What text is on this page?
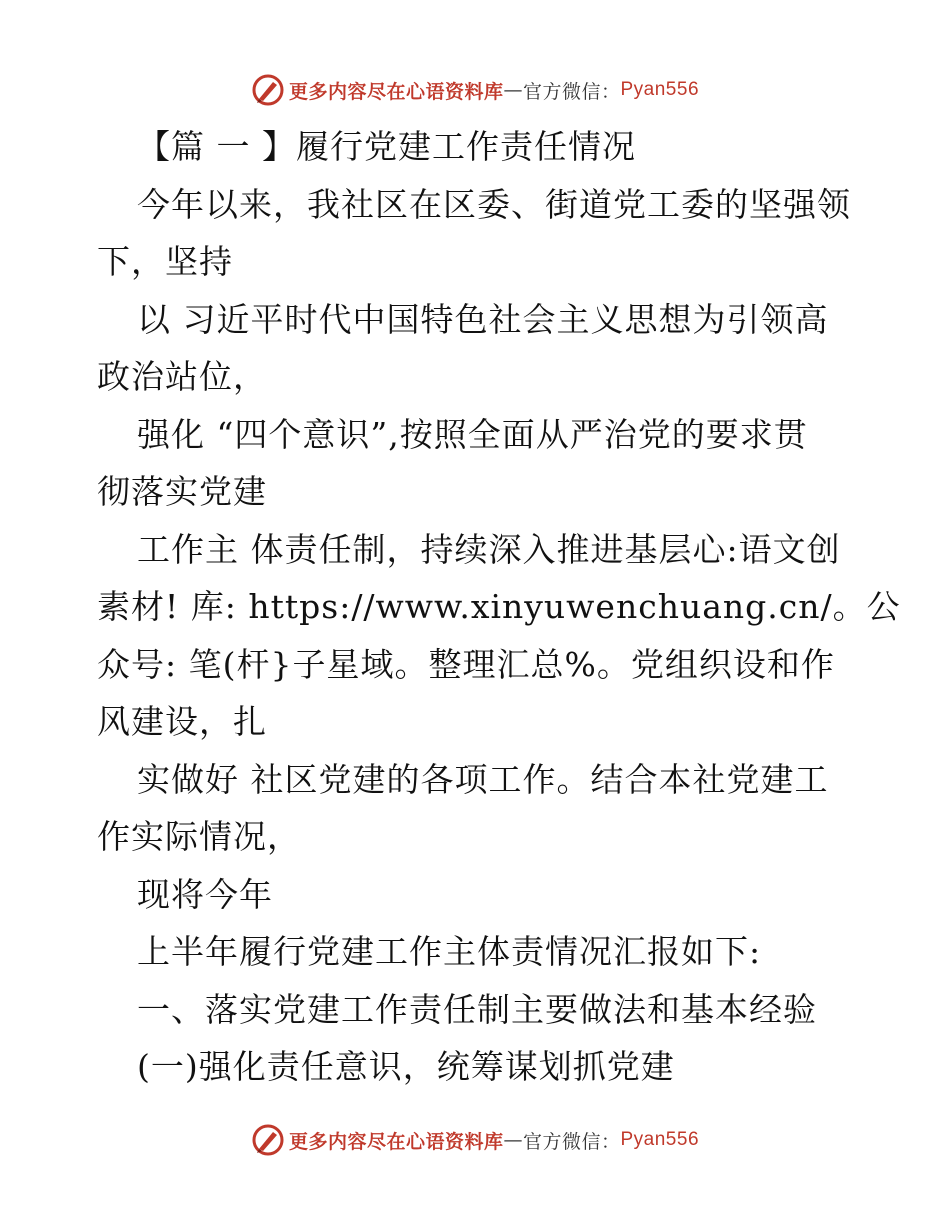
更多内容尽在心语资料库 — 官方微信： Pyan556
【篇 一 】履行党建工作责任情况
今年以来，我社区在区委、街道党工委的坚强领
下，坚持
以 习近平时代中国特色社会主义思想为引领高
政治站位，
强化 “四个意识”,按照全面从严治党的要求贯
彻落实党建
工作主 体责任制，持续深入推进基层心:语文创
素材! 库: https://www.xinyuwenchuang.cn/。公
众号: 笔(杆}子星域。整理汇总%。党组织设和作
风建设，扎
实做好 社区党建的各项工作。结合本社党建工
作实际情况，
现将今年
上半年履行党建工作主体责情况汇报如下:
一、落实党建工作责任制主要做法和基本经验
(一)强化责任意识，统筹谋划抓党建
更多内容尽在心语资料库 — 官方微信： Pyan556
